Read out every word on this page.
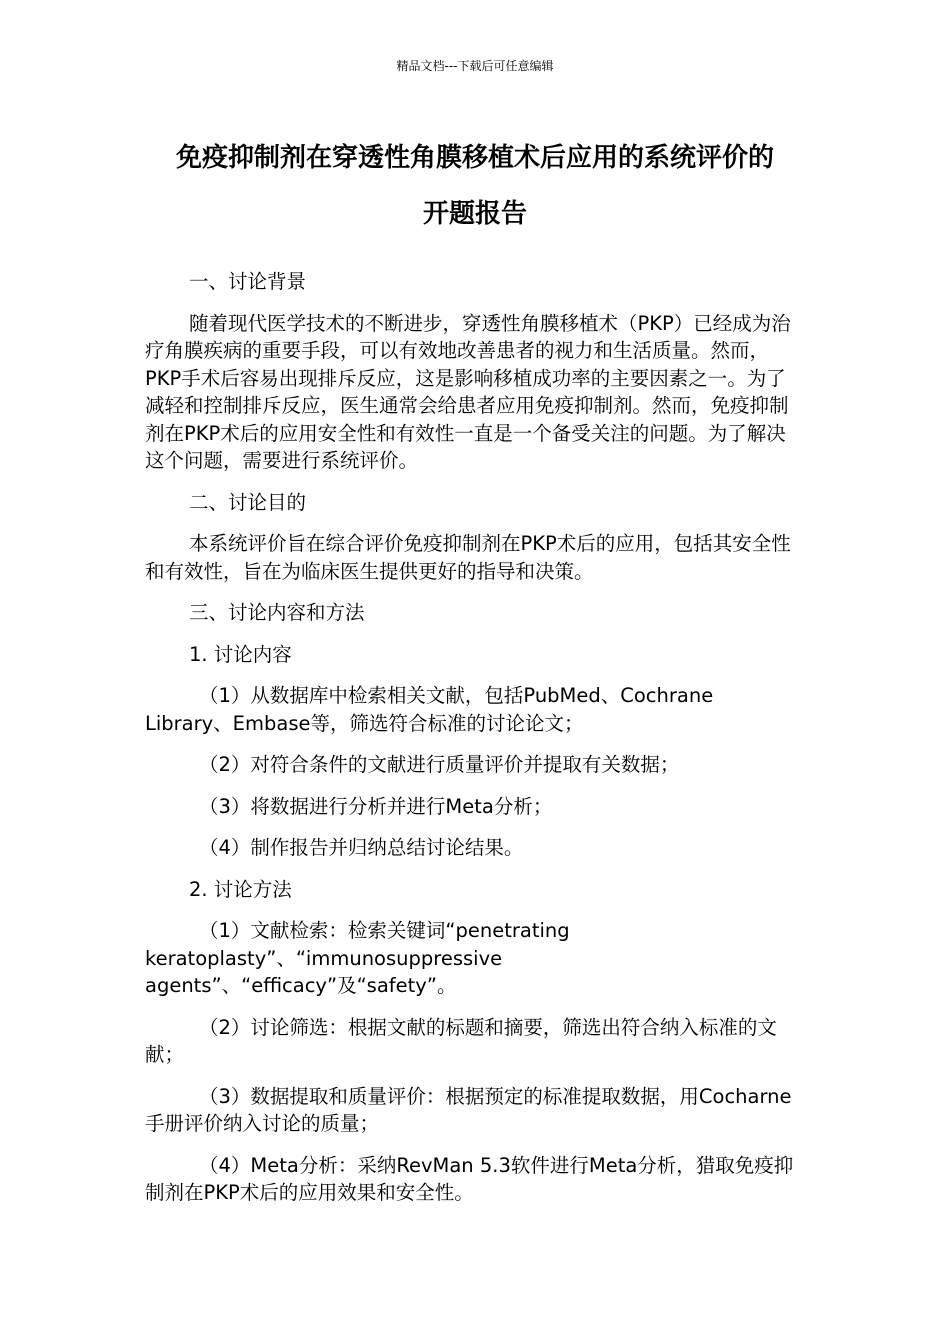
精品文档---下载后可任意编辑
免疫抑制剂在穿透性角膜移植术后应用的系统评价的
开题报告

一、讨论背景

随着现代医学技术的不断进步，穿透性角膜移植术（PKP）已经成为治疗角膜疾病的重要手段，可以有效地改善患者的视力和生活质量。然而，PKP手术后容易出现排斥反应，这是影响移植成功率的主要因素之一。为了减轻和控制排斥反应，医生通常会给患者应用免疫抑制剂。然而，免疫抑制剂在PKP术后的应用安全性和有效性一直是一个备受关注的问题。为了解决这个问题，需要进行系统评价。

二、讨论目的

本系统评价旨在综合评价免疫抑制剂在PKP术后的应用，包括其安全性和有效性，旨在为临床医生提供更好的指导和决策。

三、讨论内容和方法

1. 讨论内容

（1）从数据库中检索相关文献，包括PubMed、Cochrane Library、Embase等，筛选符合标准的讨论论文；

（2）对符合条件的文献进行质量评价并提取有关数据；

（3）将数据进行分析并进行Meta分析；

（4）制作报告并归纳总结讨论结果。

2. 讨论方法

（1）文献检索：检索关键词“penetrating keratoplasty”、“immunosuppressive agents”、“efficacy”及“safety”。

（2）讨论筛选：根据文献的标题和摘要，筛选出符合纳入标准的文献；

（3）数据提取和质量评价：根据预定的标准提取数据，用Cocharne手册评价纳入讨论的质量；

（4）Meta分析：采纳RevMan 5.3软件进行Meta分析，猎取免疫抑制剂在PKP术后的应用效果和安全性。
